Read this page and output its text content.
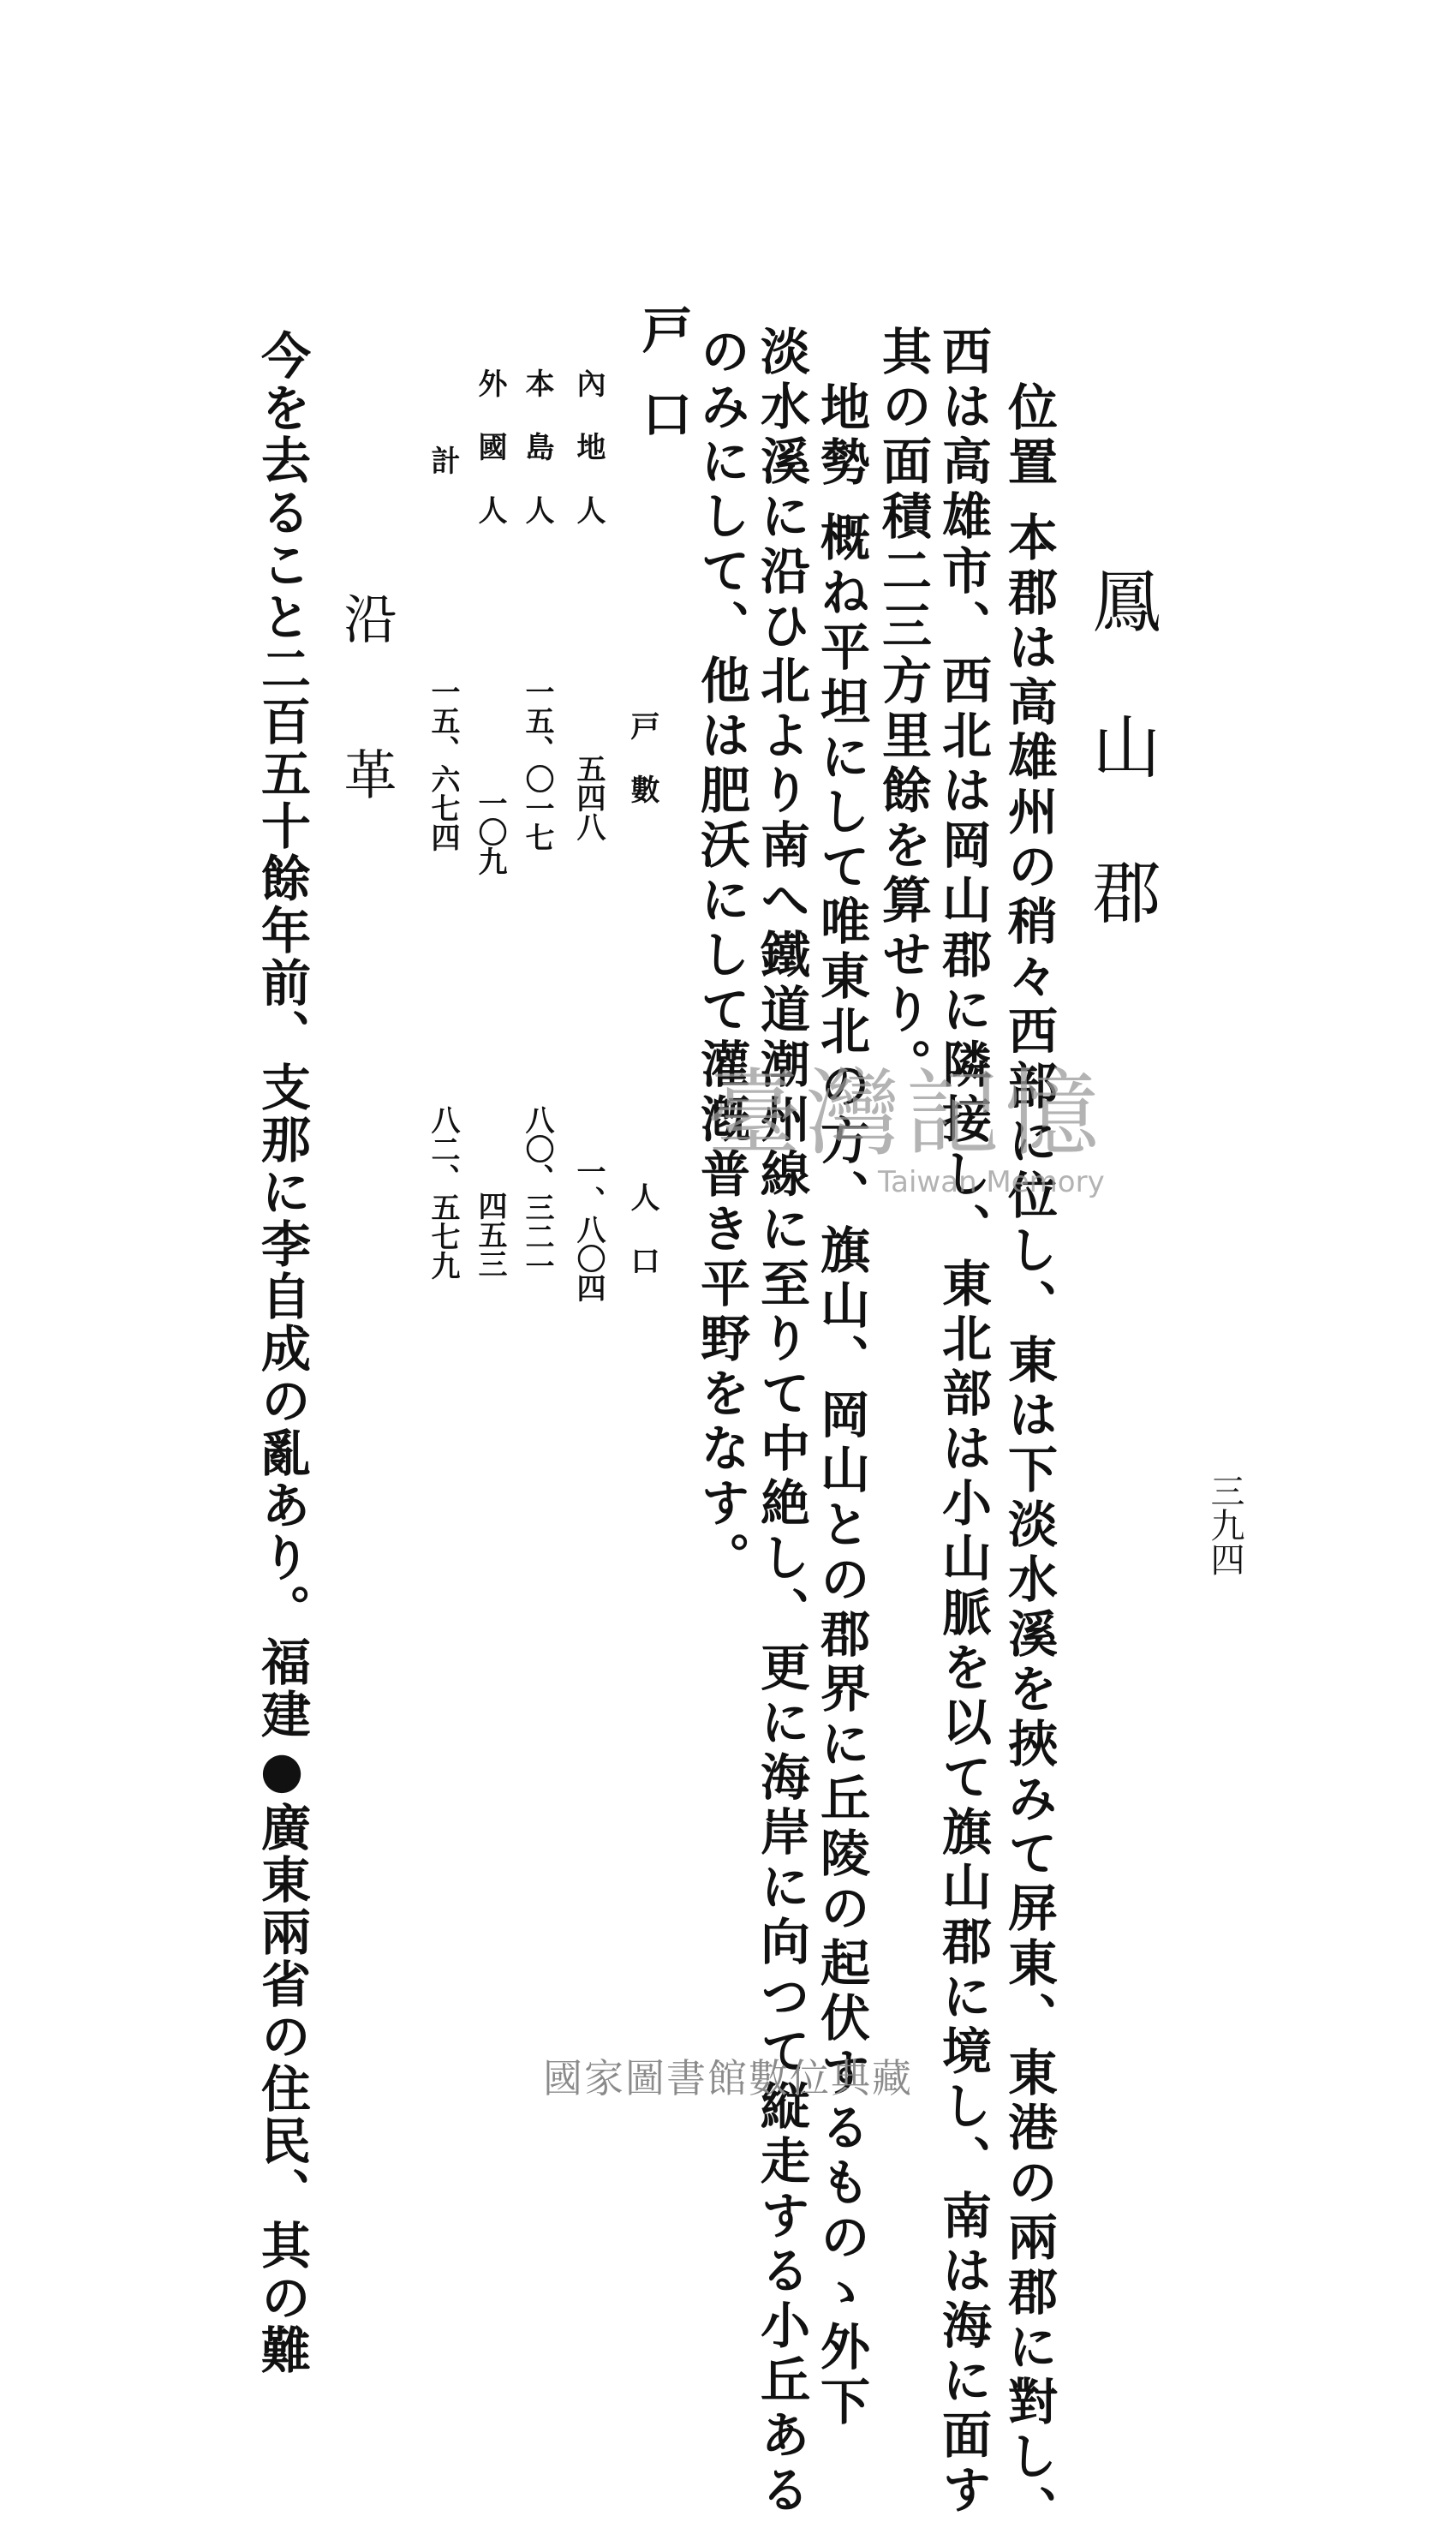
三九四
鳳山郡
位置本郡は高雄州の稍々西部に位し、東は下淡水溪を挾みて屏東、東港の兩郡に對し、
西は高雄市、西北は岡山郡に隣接し、東北部は小山脈を以て旗山郡に境し、南は海に面す
其の面積二三方里餘を算せり。
地勢概ね平坦にして唯東北の方、旗山、岡山との郡界に丘陵の起伏するものゝ外下
淡水溪に沿ひ北より南へ鐵道潮州線に至りて中絶し、更に海岸に向つて縦走する小丘ある
のみにして、他は肥沃にして灌漑普き平野をなす。
戸口
戸數
人口
內地人
五四八
一、八〇四
本島人
一五、〇一七
八〇、三二一
外國人
一〇九
四五三
計
一五、六七四
八二、五七九
沿革
今を去ること二百五十餘年前、支那に李自成の亂あり。福建●廣東兩省の住民、其の難	臺灣記憶
Taiwan Memory
國家圖書館數位典藏
